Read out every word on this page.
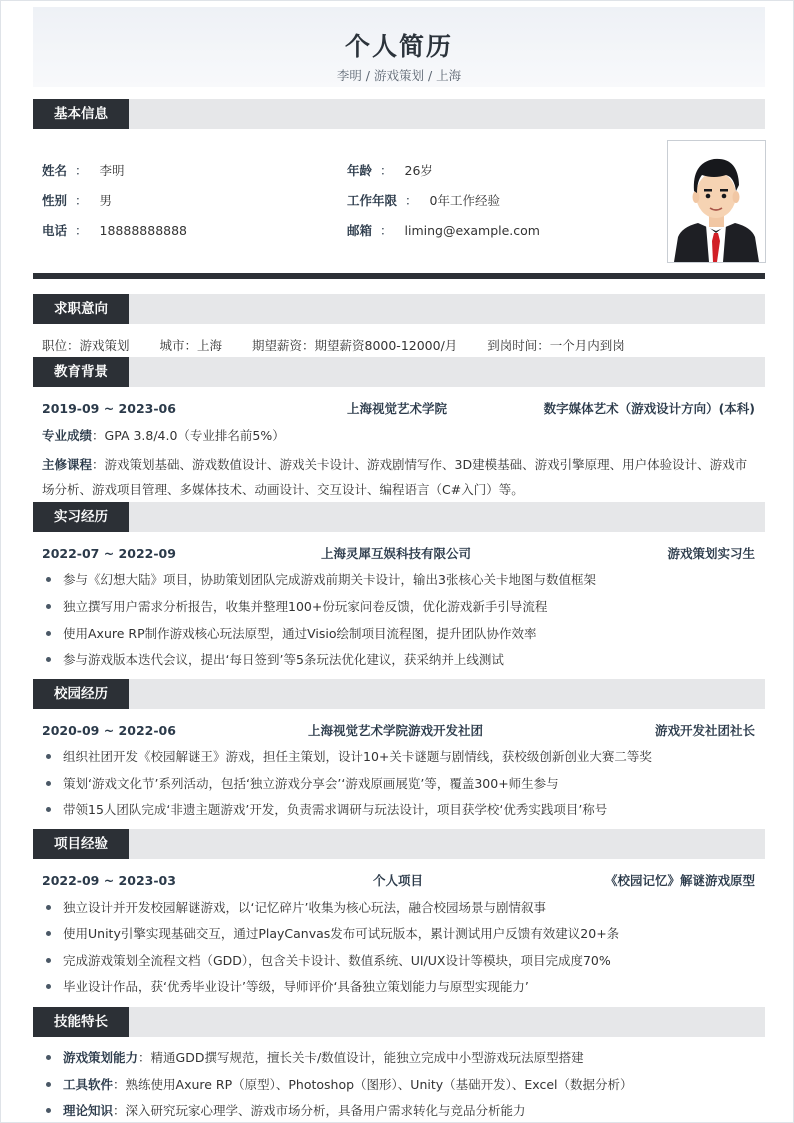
个人简历
李明 / 游戏策划 / 上海
基本信息
姓名 ： 李明	年龄 ： 26岁
性别 ： 男	工作年限 ： 0年工作经验
电话 ： 18888888888	邮箱 ： liming@example.com
求职意向
职位：游戏策划 城市：上海 期望薪资：期望薪资8000-12000/月 到岗时间：一个月内到岗
教育背景
2019-09 ~ 2023-06	上海视觉艺术学院	数字媒体艺术（游戏设计方向）(本科)
专业成绩：GPA 3.8/4.0（专业排名前5%）
主修课程：游戏策划基础、游戏数值设计、游戏关卡设计、游戏剧情写作、3D建模基础、游戏引擎原理、用户体验设计、游戏市场分析、游戏项目管理、多媒体技术、动画设计、交互设计、编程语言（C#入门）等。
实习经历
2022-07 ~ 2022-09	上海灵犀互娱科技有限公司	游戏策划实习生
参与《幻想大陆》项目，协助策划团队完成游戏前期关卡设计，输出3张核心关卡地图与数值框架
独立撰写用户需求分析报告，收集并整理100+份玩家问卷反馈，优化游戏新手引导流程
使用Axure RP制作游戏核心玩法原型，通过Visio绘制项目流程图，提升团队协作效率
参与游戏版本迭代会议，提出‘每日签到’等5条玩法优化建议，获采纳并上线测试
校园经历
2020-09 ~ 2022-06	上海视觉艺术学院游戏开发社团	游戏开发社团社长
组织社团开发《校园解谜王》游戏，担任主策划，设计10+关卡谜题与剧情线，获校级创新创业大赛二等奖
策划‘游戏文化节’系列活动，包括‘独立游戏分享会’‘游戏原画展览’等，覆盖300+师生参与
带领15人团队完成‘非遗主题游戏’开发，负责需求调研与玩法设计，项目获学校‘优秀实践项目’称号
项目经验
2022-09 ~ 2023-03	个人项目	《校园记忆》解谜游戏原型
独立设计并开发校园解谜游戏，以‘记忆碎片’收集为核心玩法，融合校园场景与剧情叙事
使用Unity引擎实现基础交互，通过PlayCanvas发布可试玩版本，累计测试用户反馈有效建议20+条
完成游戏策划全流程文档（GDD），包含关卡设计、数值系统、UI/UX设计等模块，项目完成度70%
毕业设计作品，获‘优秀毕业设计’等级，导师评价‘具备独立策划能力与原型实现能力’
技能特长
游戏策划能力：精通GDD撰写规范，擅长关卡/数值设计，能独立完成中小型游戏玩法原型搭建
工具软件：熟练使用Axure RP（原型）、Photoshop（图形）、Unity（基础开发）、Excel（数据分析）
理论知识：深入研究玩家心理学、游戏市场分析，具备用户需求转化与竞品分析能力
